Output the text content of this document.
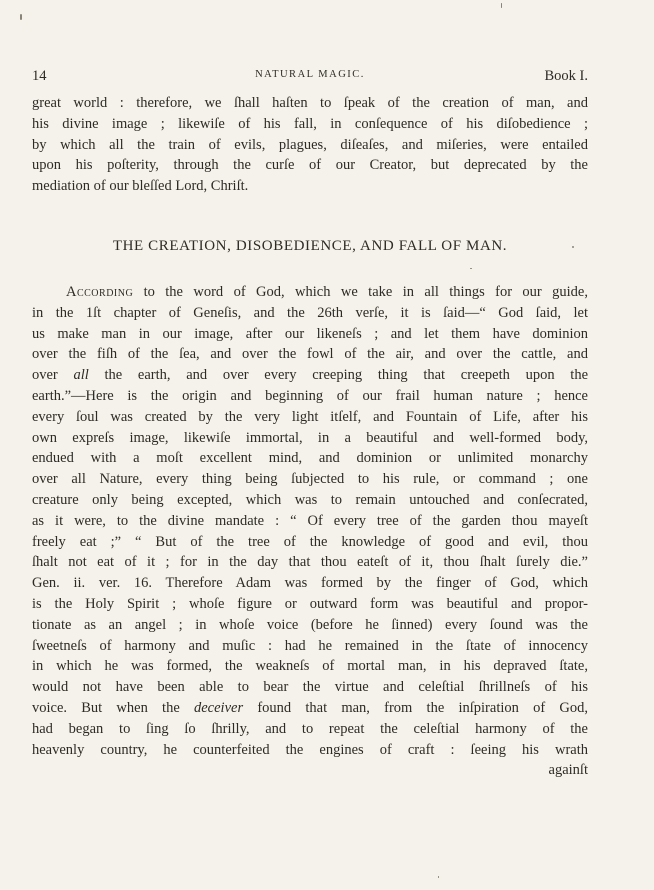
14	NATURAL MAGIC.	Book I.
great world : therefore, we ſhall haſten to ſpeak of the creation of man, and
his divine image ; likewiſe of his fall, in conſequence of his diſobedience ;
by which all the train of evils, plagues, diſeaſes, and miſeries, were entailed
upon his poſterity, through the curſe of our Creator, but deprecated by the
mediation of our bleſſed Lord, Chriſt.
THE CREATION, DISOBEDIENCE, AND FALL OF MAN.
According to the word of God, which we take in all things for our guide,
in the 1ſt chapter of Geneſis, and the 26th verſe, it is ſaid—“ God ſaid, let
us make man in our image, after our likeneſs ; and let them have dominion
over the fiſh of the ſea, and over the fowl of the air, and over the cattle, and
over all the earth, and over every creeping thing that creepeth upon the
earth.”—Here is the origin and beginning of our frail human nature ; hence
every ſoul was created by the very light itſelf, and Fountain of Life, after his
own expreſs image, likewiſe immortal, in a beautiful and well-formed body,
endued with a moſt excellent mind, and dominion or unlimited monarchy
over all Nature, every thing being ſubjected to his rule, or command ; one
creature only being excepted, which was to remain untouched and conſecrated,
as it were, to the divine mandate : “ Of every tree of the garden thou mayeſt
freely eat ;” “ But of the tree of the knowledge of good and evil, thou
ſhalt not eat of it ; for in the day that thou eateſt of it, thou ſhalt ſurely die.”
Gen. ii. ver. 16. Therefore Adam was formed by the finger of God, which
is the Holy Spirit ; whoſe figure or outward form was beautiful and propor-
tionate as an angel ; in whoſe voice (before he ſinned) every ſound was the
ſweetneſs of harmony and muſic : had he remained in the ſtate of innocency
in which he was formed, the weakneſs of mortal man, in his depraved ſtate,
would not have been able to bear the virtue and celeſtial ſhrillneſs of his
voice. But when the deceiver found that man, from the inſpiration of God,
had began to ſing ſo ſhrilly, and to repeat the celeſtial harmony of the
heavenly country, he counterfeited the engines of craft : ſeeing his wrath
againſt
